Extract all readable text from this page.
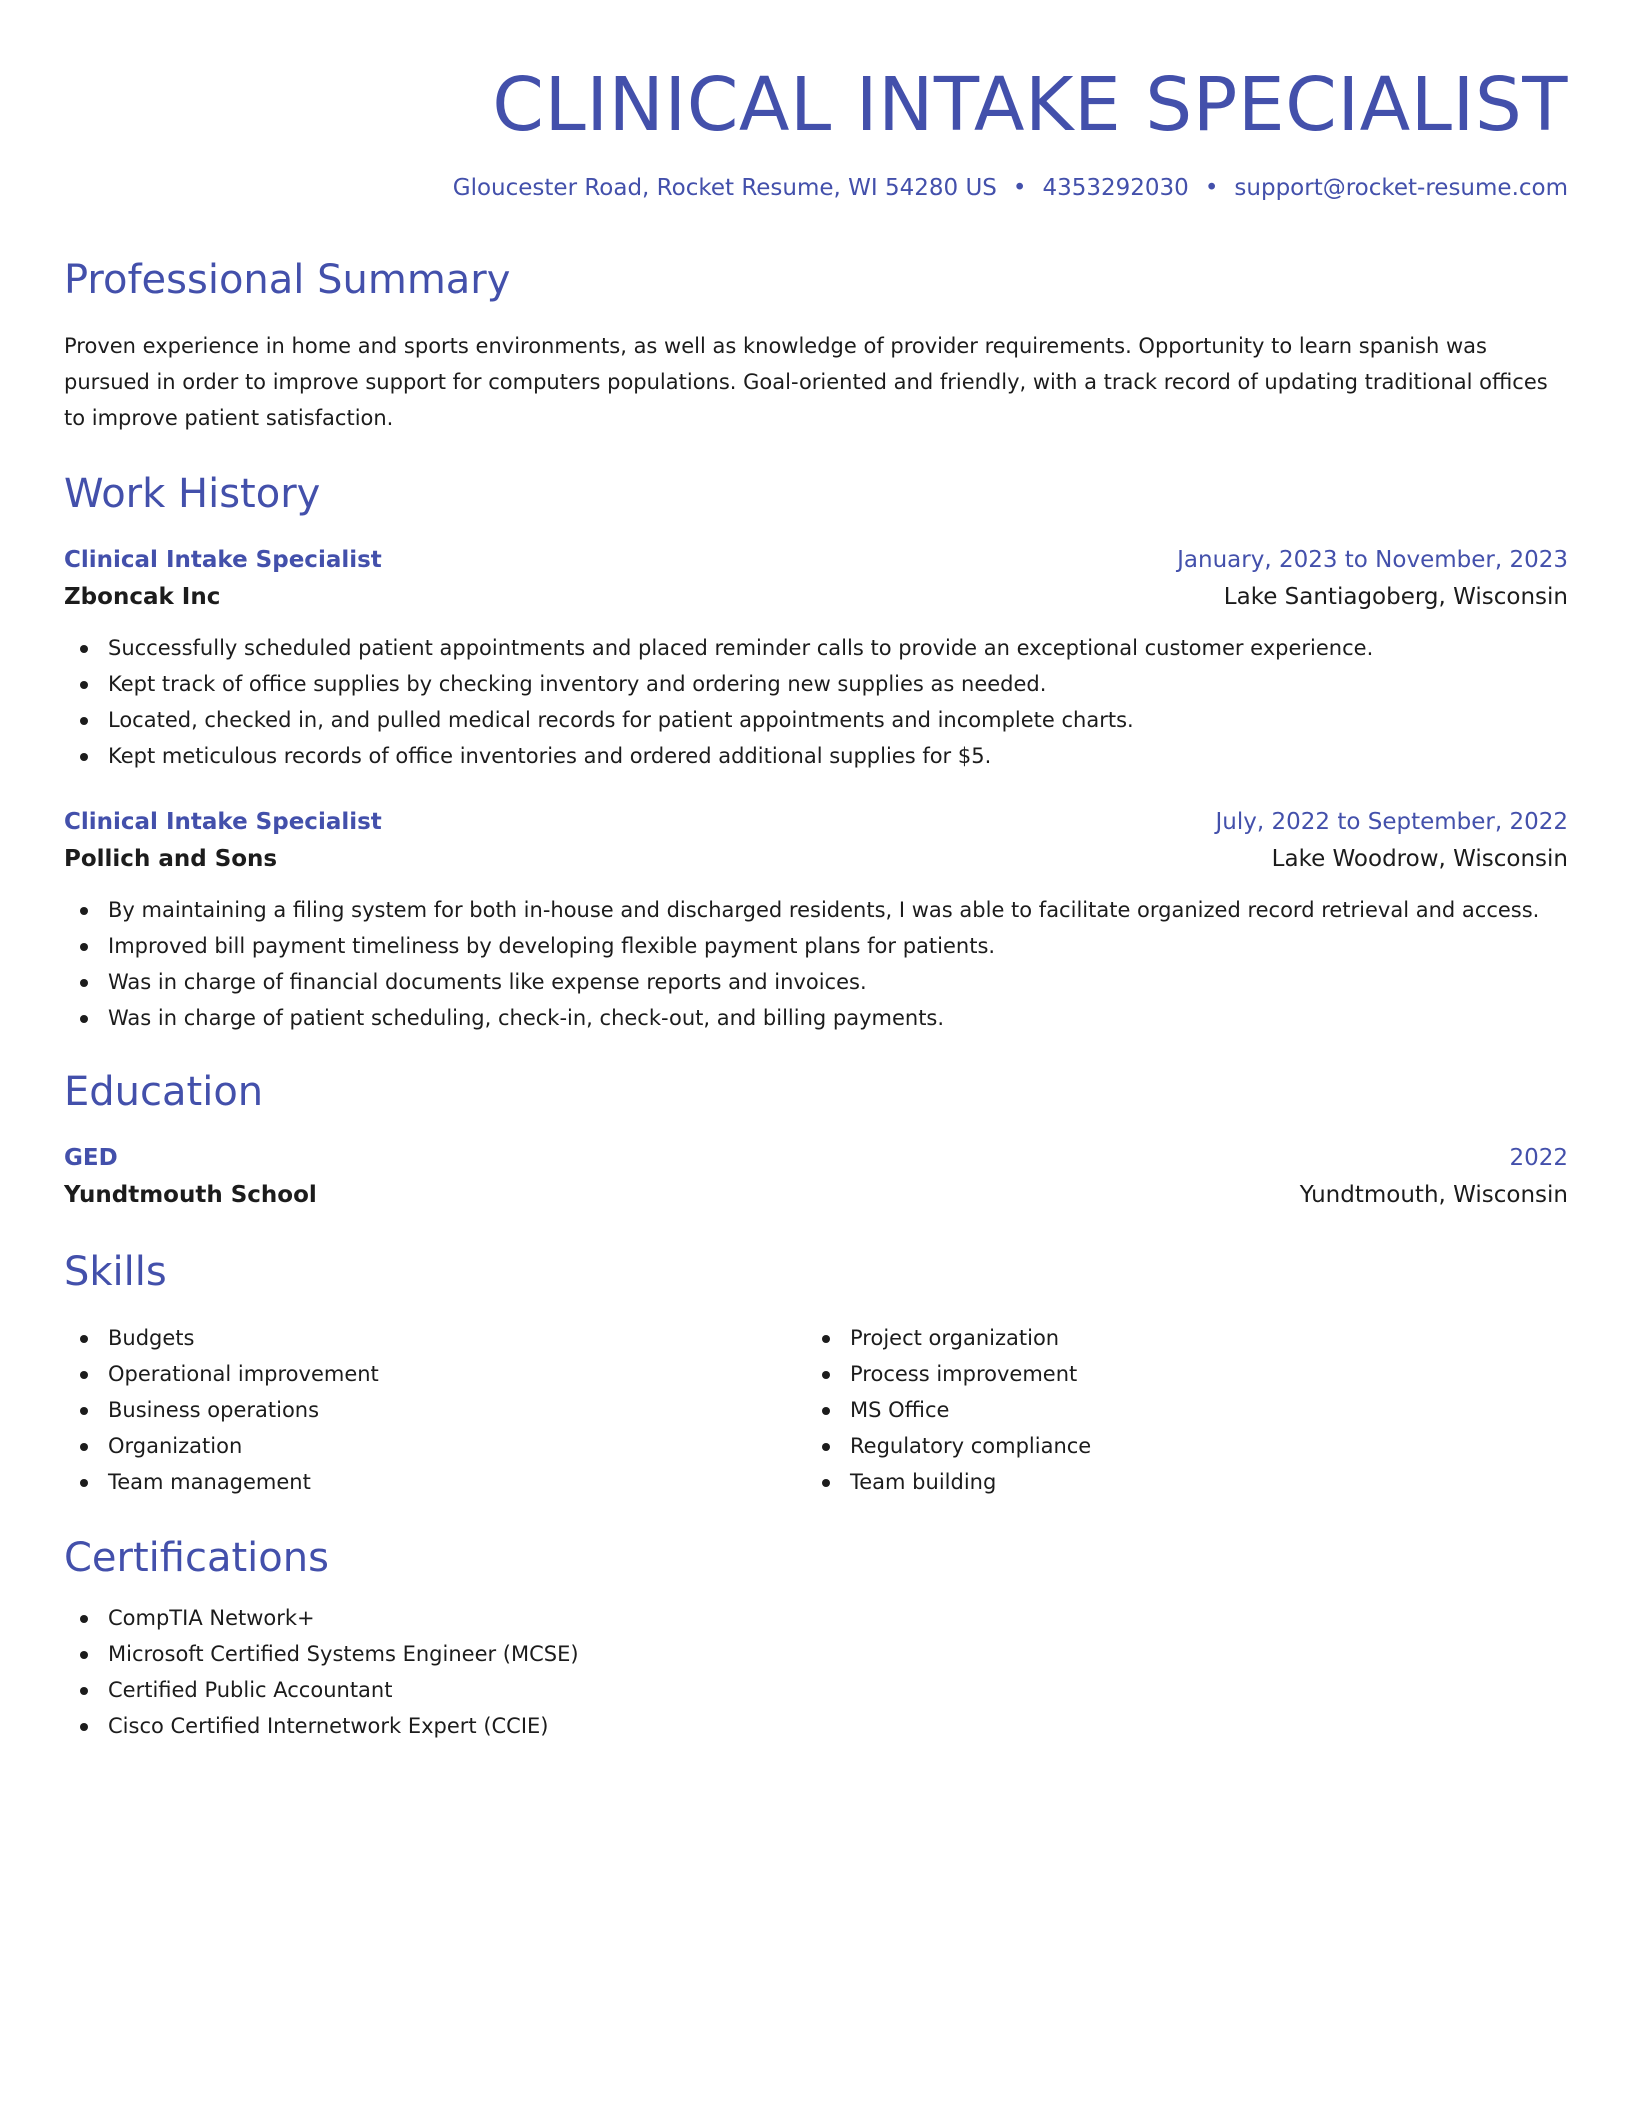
CLINICAL INTAKE SPECIALIST
Gloucester Road, Rocket Resume, WI 54280 US • 4353292030 • support@rocket-resume.com
Professional Summary

Proven experience in home and sports environments, as well as knowledge of provider requirements. Opportunity to learn spanish was pursued in order to improve support for computers populations. Goal-oriented and friendly, with a track record of updating traditional offices to improve patient satisfaction.

Work History
Clinical Intake Specialist	January, 2023 to November, 2023
Zboncak Inc	Lake Santiagoberg, Wisconsin
Successfully scheduled patient appointments and placed reminder calls to provide an exceptional customer experience.
Kept track of office supplies by checking inventory and ordering new supplies as needed.
Located, checked in, and pulled medical records for patient appointments and incomplete charts.
Kept meticulous records of office inventories and ordered additional supplies for $5.
Clinical Intake Specialist	July, 2022 to September, 2022
Pollich and Sons	Lake Woodrow, Wisconsin
By maintaining a filing system for both in-house and discharged residents, I was able to facilitate organized record retrieval and access.
Improved bill payment timeliness by developing flexible payment plans for patients.
Was in charge of financial documents like expense reports and invoices.
Was in charge of patient scheduling, check-in, check-out, and billing payments.
Education
GED	2022
Yundtmouth School	Yundtmouth, Wisconsin
Skills
Budgets
Operational improvement
Business operations
Organization
Team management
Project organization
Process improvement
MS Office
Regulatory compliance
Team building
Certifications
CompTIA Network+
Microsoft Certified Systems Engineer (MCSE)
Certified Public Accountant
Cisco Certified Internetwork Expert (CCIE)
